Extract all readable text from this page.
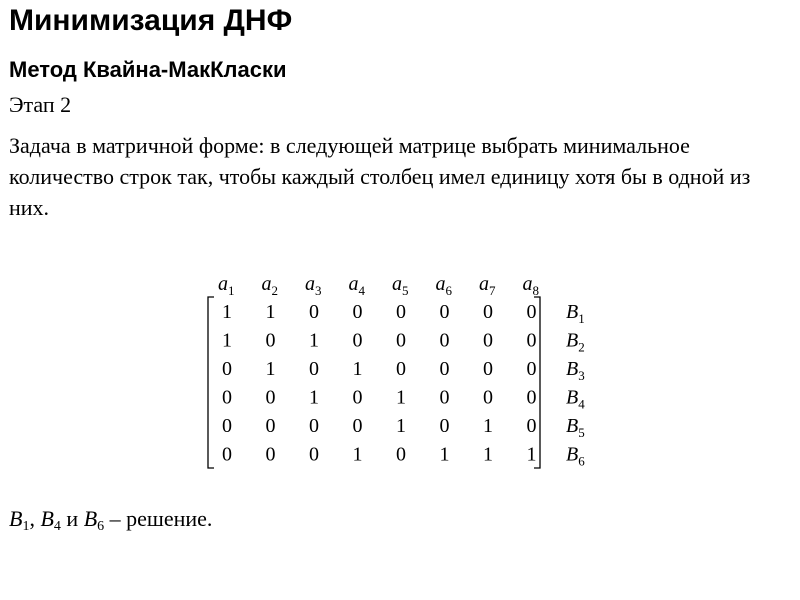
Минимизация ДНФ
Метод Квайна-МакКласки
Этап 2
Задача в матричной форме: в следующей матрице выбрать минимальное количество строк так, чтобы каждый столбец имел единицу хотя бы в одной из них.
$a_1$ $a_2$ $a_3$ $a_4$ $a_5$ $a_6$ $a_7$ $a_8$
1 1 0 0 0 0 0 0
1 0 1 0 0 0 0 0
0 1 0 1 0 0 0 0
0 0 1 0 1 0 0 0
0 0 0 0 1 0 1 0
0 0 0 1 0 1 1 1
$B_1$
$B_2$
$B_3$
$B_4$
$B_5$
$B_6$
$B_1$, $B_4$ и $B_6$ – решение.
